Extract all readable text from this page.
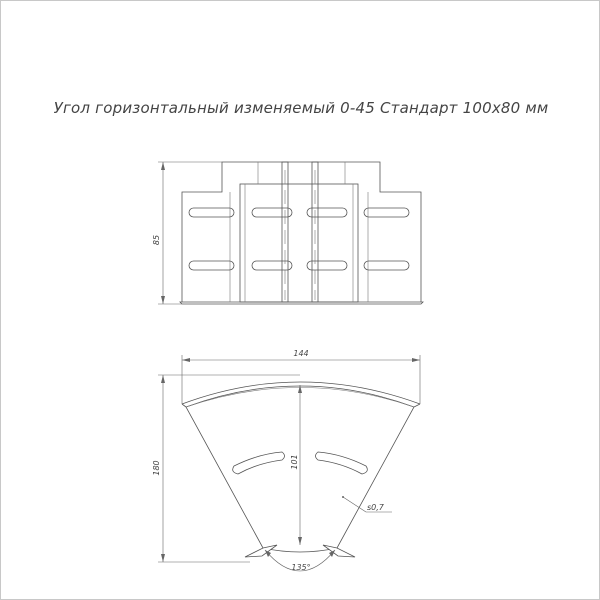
Угол горизонтальный изменяемый 0-45 Стандарт 100х80 мм
85
144
180	101
s0,7
135°
